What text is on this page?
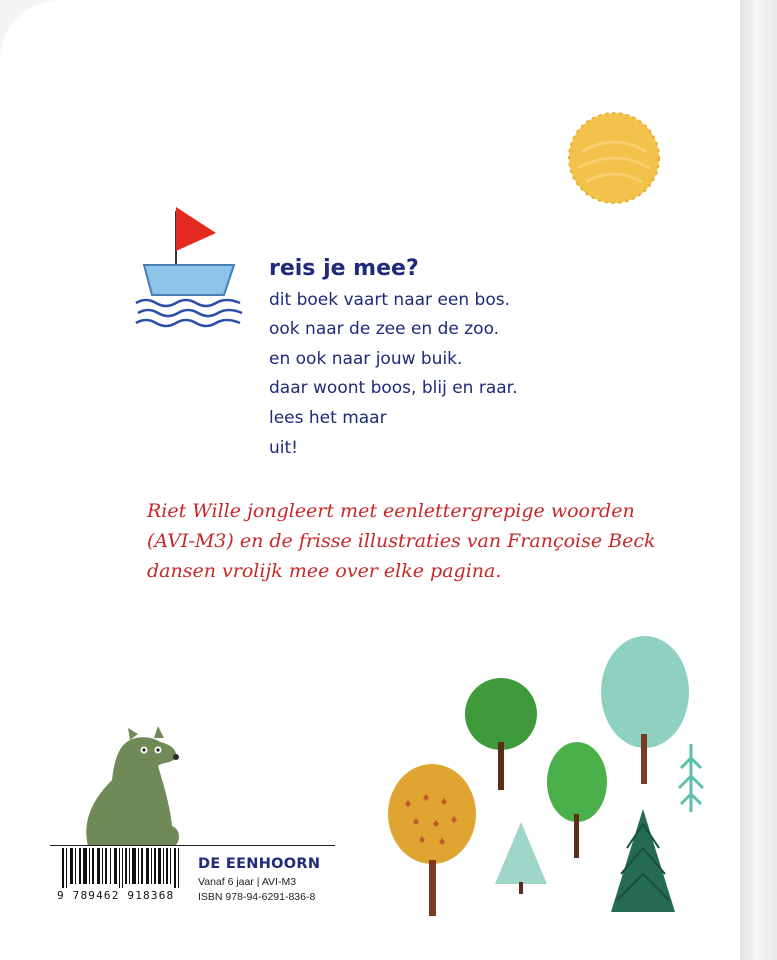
reis je mee?
dit boek vaart naar een bos.
ook naar de zee en de zoo.
en ook naar jouw buik.
daar woont boos, blij en raar.
lees het maar
uit!
Riet Wille jongleert met eenlettergrepige woorden (AVI-M3) en de frisse illustraties van Françoise Beck dansen vrolijk mee over elke pagina.
9 789462 918368
DE EENHOORN
Vanaf 6 jaar | AVI-M3
ISBN 978-94-6291-836-8
